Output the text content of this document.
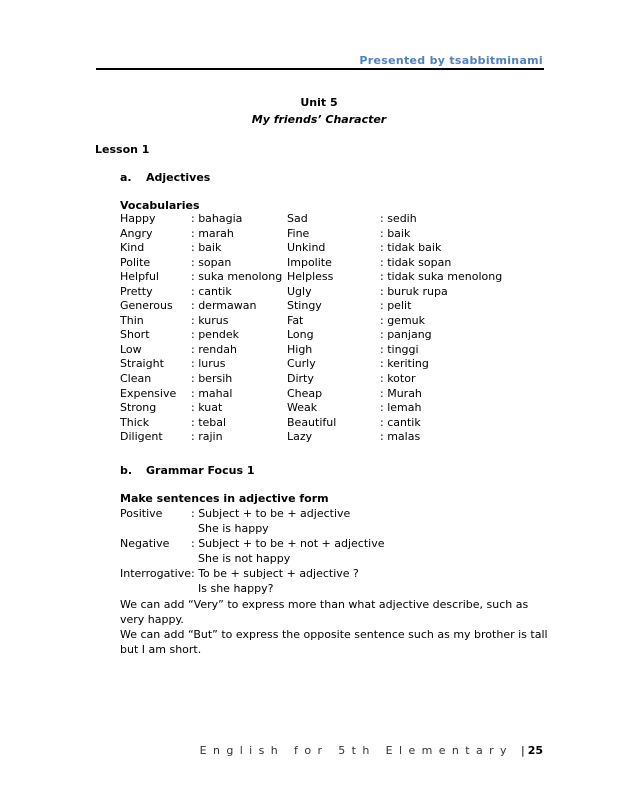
Presented by tsabbitminami
Unit 5
My friends’ Character
Lesson 1
a. Adjectives
Vocabularies
Happy	: bahagia	Sad	: sedih
Angry	: marah	Fine	: baik
Kind	: baik	Unkind	: tidak baik
Polite	: sopan	Impolite	: tidak sopan
Helpful	: suka menolong Helpless	: tidak suka menolong
Pretty	: cantik	Ugly	: buruk rupa
Generous : dermawan	Stingy	: pelit
Thin	: kurus	Fat	: gemuk
Short	: pendek	Long	: panjang
Low	: rendah	High	: tinggi
Straight : lurus	Curly	: keriting
Clean	: bersih	Dirty	: kotor
Expensive : mahal	Cheap	: Murah
Strong	: kuat	Weak	: lemah
Thick	: tebal	Beautiful	: cantik
Diligent	: rajin	Lazy	: malas
b. Grammar Focus 1
Make sentences in adjective form
Positive	: Subject + to be + adjective
She is happy
Negative : Subject + to be + not + adjective
She is not happy
Interrogative : To be + subject + adjective ?
Is she happy?
We can add “Very” to express more than what adjective describe, such as very happy.
We can add “But” to express the opposite sentence such as my brother is tall but I am short.
English for 5th Elementary | 25
